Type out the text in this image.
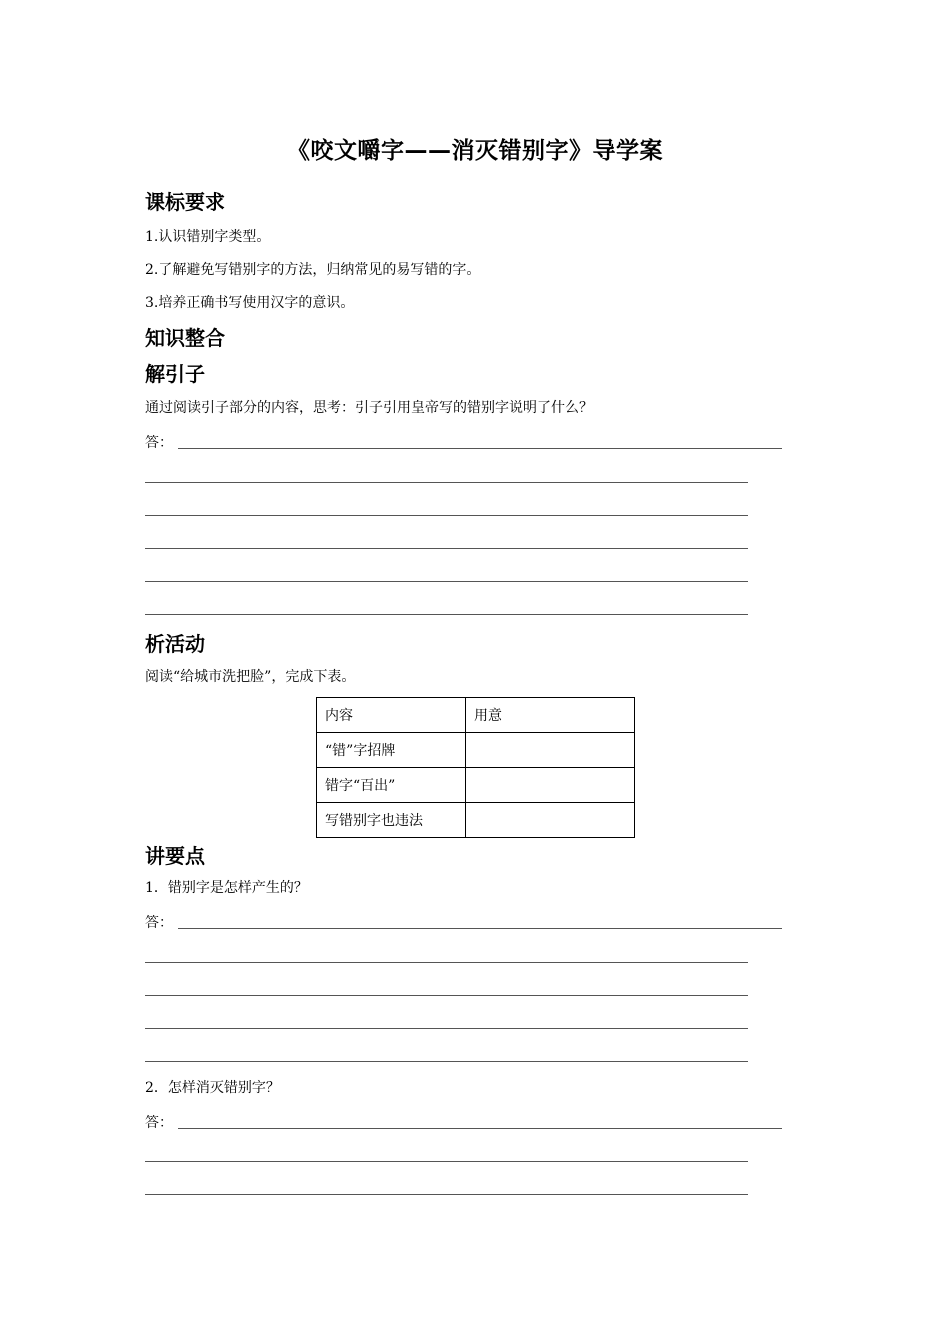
《咬文嚼字——消灭错别字》导学案
课标要求
1.认识错别字类型。
2.了解避免写错别字的方法，归纳常见的易写错的字。
3.培养正确书写使用汉字的意识。
知识整合
解引子
通过阅读引子部分的内容，思考：引子引用皇帝写的错别字说明了什么？
答：
析活动
阅读“给城市洗把脸”，完成下表。
内容	用意
“错”字招牌	
错字“百出”	
写错别字也违法	
讲要点
1．错别字是怎样产生的？
答：
2．怎样消灭错别字？
答：
